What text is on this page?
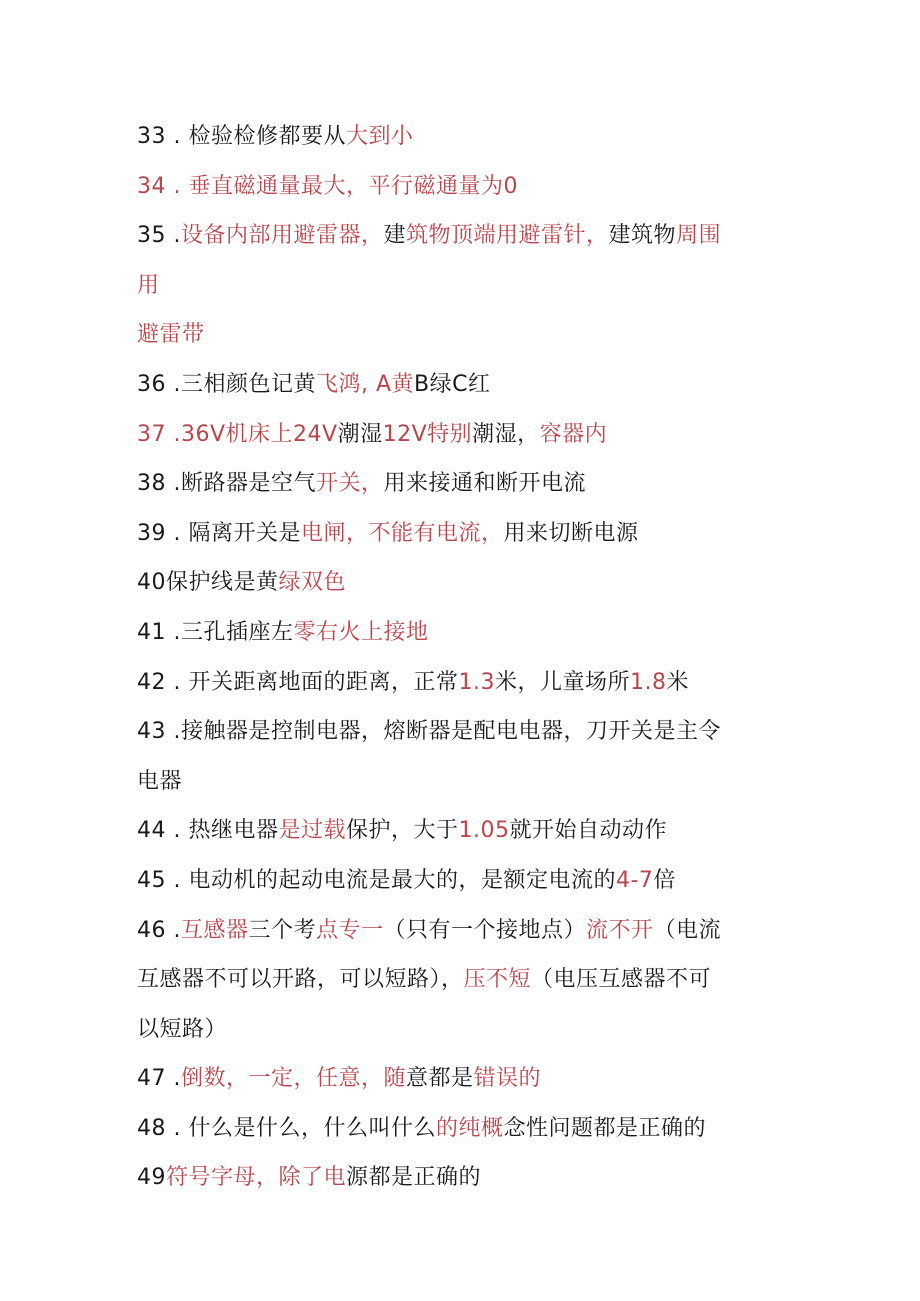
33 . 检验检修都要从大到小
34 . 垂直磁通量最大，平行磁通量为0
35 .设备内部用避雷器，建筑物顶端用避雷针，建筑物周围
用
避雷带
36 .三相颜色记黄飞鸿, A黄B绿C红
37 .36V机床上24V潮湿12V特别潮湿，容器内
38 .断路器是空气开关，用来接通和断开电流
39 . 隔离开关是电闸，不能有电流，用来切断电源
40保护线是黄绿双色
41 .三孔插座左零右火上接地
42 . 开关距离地面的距离，正常1.3米，儿童场所1.8米
43 .接触器是控制电器，熔断器是配电电器，刀开关是主令
电器
44 . 热继电器是过载保护，大于1.05就开始自动动作
45 . 电动机的起动电流是最大的，是额定电流的4-7倍
46 .互感器三个考点专一（只有一个接地点）流不开（电流
互感器不可以开路，可以短路），压不短（电压互感器不可
以短路）
47 .倒数，一定，任意，随意都是错误的
48 . 什么是什么，什么叫什么的纯概念性问题都是正确的
49符号字母，除了电源都是正确的
